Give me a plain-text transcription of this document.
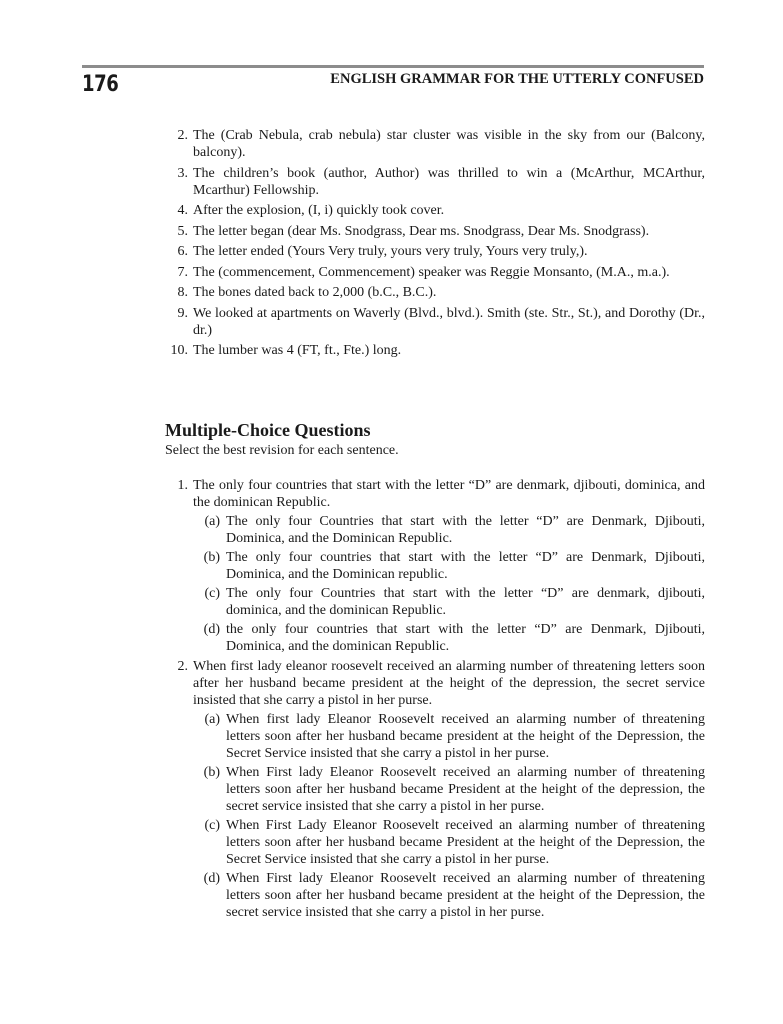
176	ENGLISH GRAMMAR FOR THE UTTERLY CONFUSED
2. The (Crab Nebula, crab nebula) star cluster was visible in the sky from our (Balcony, balcony).
3. The children’s book (author, Author) was thrilled to win a (McArthur, MCArthur, Mcarthur) Fellowship.
4. After the explosion, (I, i) quickly took cover.
5. The letter began (dear Ms. Snodgrass, Dear ms. Snodgrass, Dear Ms. Snodgrass).
6. The letter ended (Yours Very truly, yours very truly, Yours very truly,).
7. The (commencement, Commencement) speaker was Reggie Monsanto, (M.A., m.a.).
8. The bones dated back to 2,000 (b.C., B.C.).
9. We looked at apartments on Waverly (Blvd., blvd.). Smith (ste. Str., St.), and Dorothy (Dr., dr.)
10. The lumber was 4 (FT, ft., Fte.) long.
Multiple-Choice Questions
Select the best revision for each sentence.
1. The only four countries that start with the letter “D” are denmark, djibouti, dominica, and the dominican Republic.
(a) The only four Countries that start with the letter “D” are Denmark, Djibouti, Dominica, and the Dominican Republic.
(b) The only four countries that start with the letter “D” are Denmark, Djibouti, Dominica, and the Dominican republic.
(c) The only four Countries that start with the letter “D” are denmark, djibouti, dominica, and the dominican Republic.
(d) the only four countries that start with the letter “D” are Denmark, Djibouti, Dominica, and the dominican Republic.
2. When first lady eleanor roosevelt received an alarming number of threatening letters soon after her husband became president at the height of the depression, the secret service insisted that she carry a pistol in her purse.
(a) When first lady Eleanor Roosevelt received an alarming number of threatening letters soon after her husband became president at the height of the Depression, the Secret Service insisted that she carry a pistol in her purse.
(b) When First lady Eleanor Roosevelt received an alarming number of threatening letters soon after her husband became President at the height of the depression, the secret service insisted that she carry a pistol in her purse.
(c) When First Lady Eleanor Roosevelt received an alarming number of threatening letters soon after her husband became President at the height of the Depression, the Secret Service insisted that she carry a pistol in her purse.
(d) When First lady Eleanor Roosevelt received an alarming number of threatening letters soon after her husband became president at the height of the Depression, the secret service insisted that she carry a pistol in her purse.
